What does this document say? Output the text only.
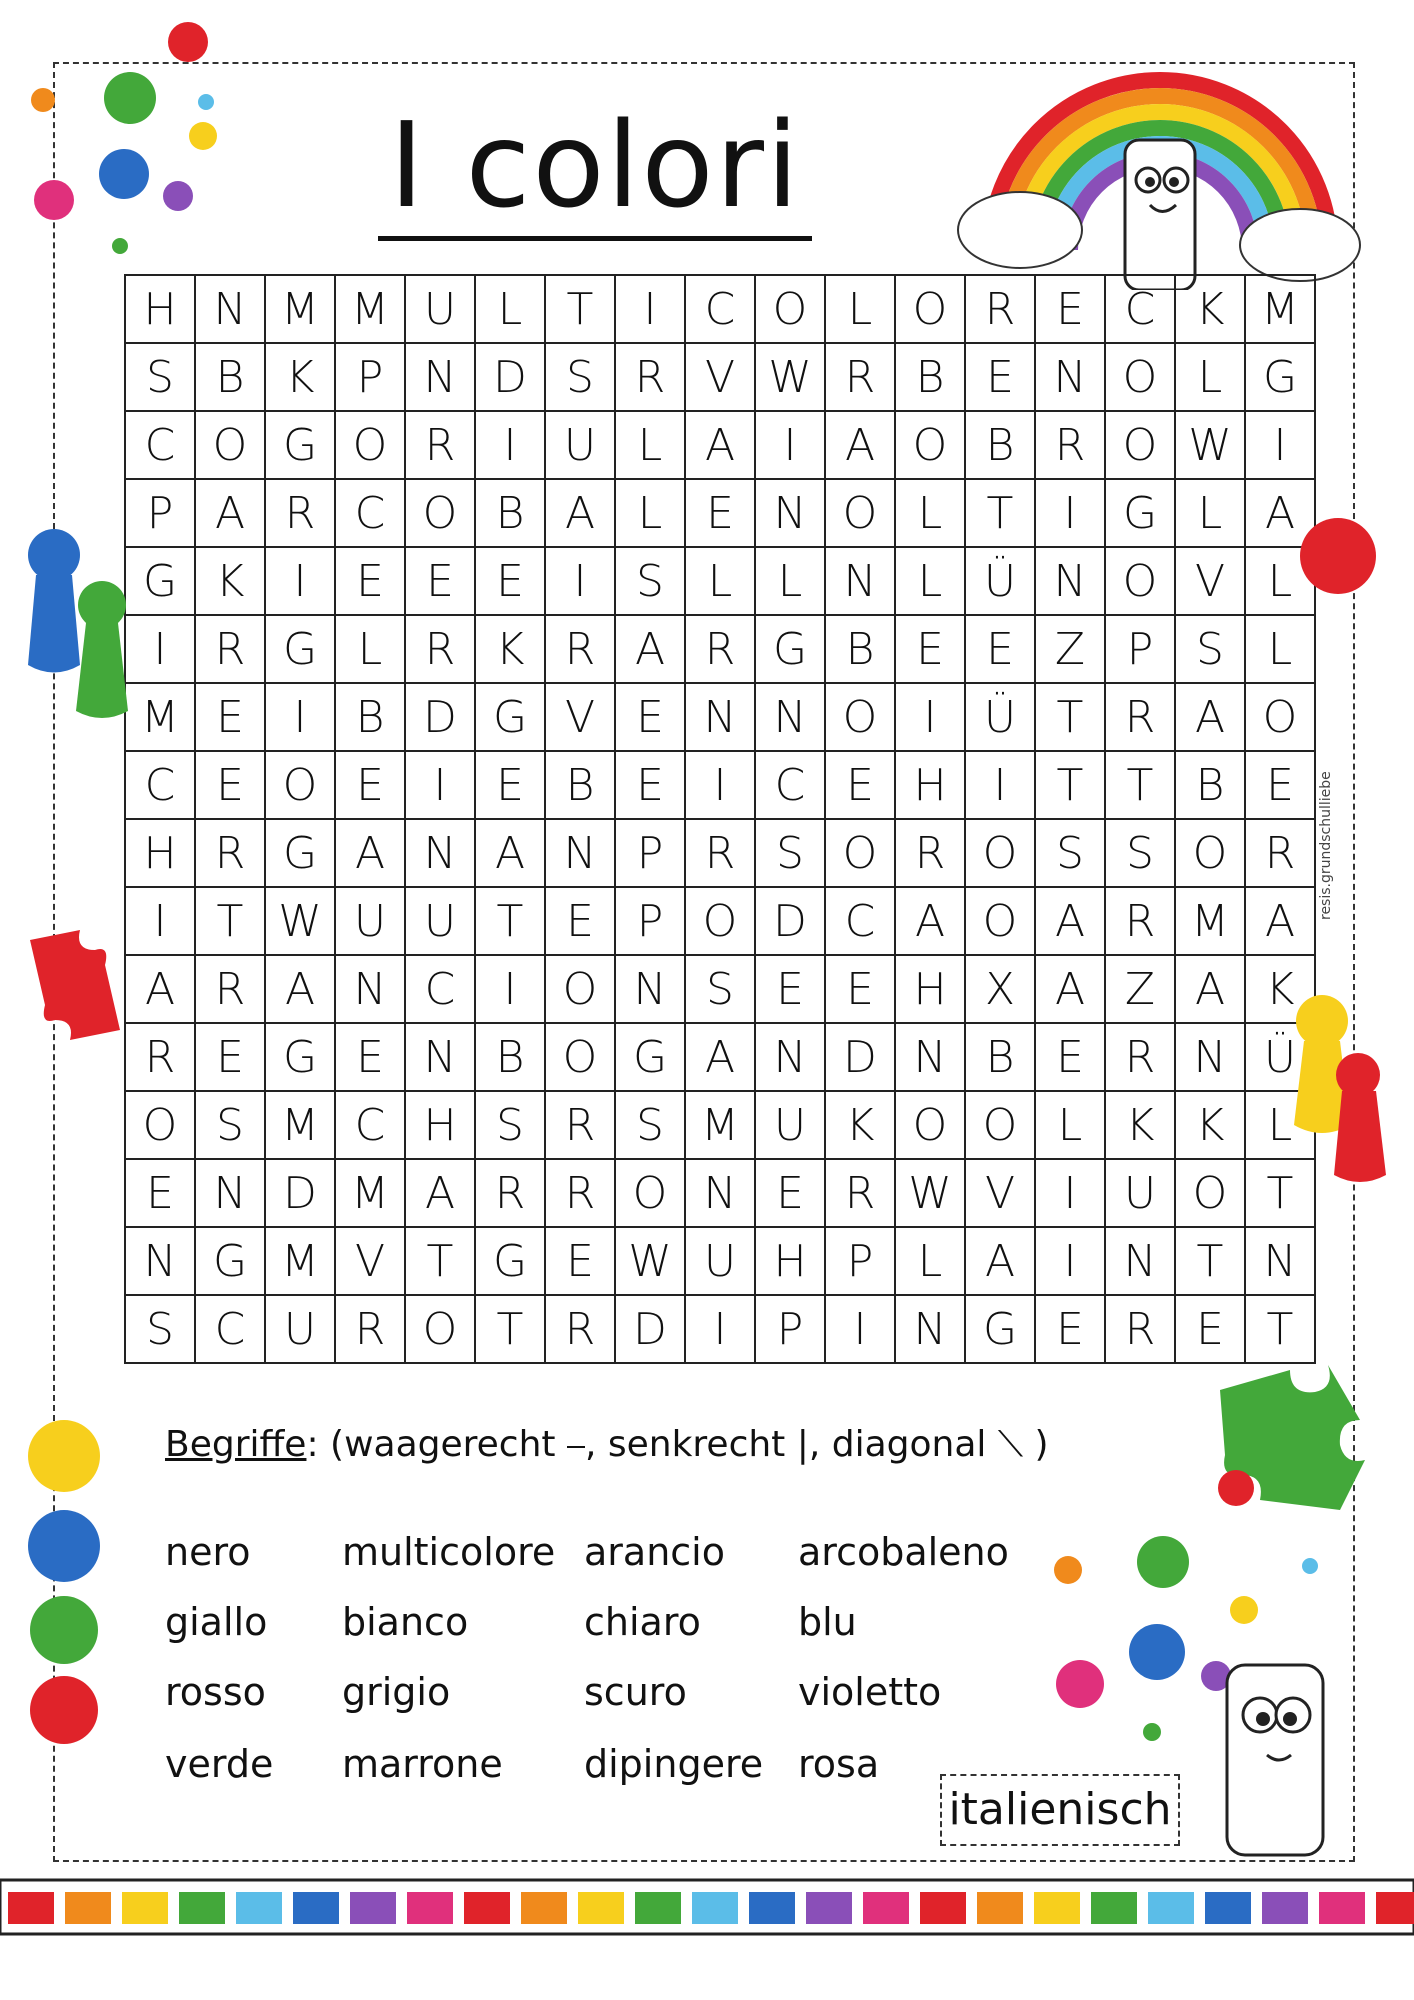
I colori
H	N	M	M	U	L	T	I	C	O	L	O	R	E	C	K	M
S	B	K	P	N	D	S	R	V	W	R	B	E	N	O	L	G
C	O	G	O	R	I	U	L	A	I	A	O	B	R	O	W	I
P	A	R	C	O	B	A	L	E	N	O	L	T	I	G	L	A
G	K	I	E	E	E	I	S	L	L	N	L	Ü	N	O	V	L
I	R	G	L	R	K	R	A	R	G	B	E	E	Z	P	S	L
M	E	I	B	D	G	V	E	N	N	O	I	Ü	T	R	A	O
C	E	O	E	I	E	B	E	I	C	E	H	I	T	T	B	E
H	R	G	A	N	A	N	P	R	S	O	R	O	S	S	O	R
I	T	W	U	U	T	E	P	O	D	C	A	O	A	R	M	A
A	R	A	N	C	I	O	N	S	E	E	H	X	A	Z	A	K
R	E	G	E	N	B	O	G	A	N	D	N	B	E	R	N	Ü
O	S	M	C	H	S	R	S	M	U	K	O	O	L	K	K	L
E	N	D	M	A	R	R	O	N	E	R	W	V	I	U	O	T
N	G	M	V	T	G	E	W	U	H	P	L	A	I	N	T	N
S	C	U	R	O	T	R	D	I	P	I	N	G	E	R	E	T
Begriffe: (waagerecht ⎯, senkrecht |, diagonal ⟍ )
nero multicolore arancio arcobaleno
giallo bianco	chiaro	blu
rosso grigio	scuro	violetto
verde marrone dipingere rosa
italienisch
resis.grundschulliebe
